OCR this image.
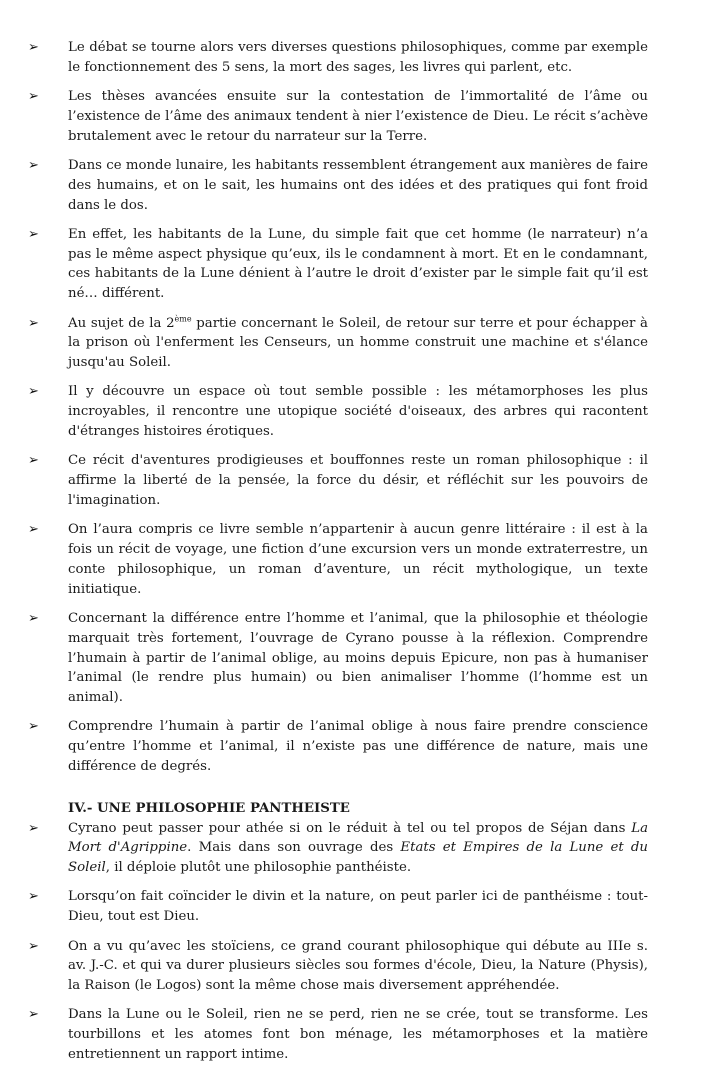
➢ Le débat se tourne alors vers diverses questions philosophiques, comme par exemple le fonctionnement des 5 sens, la mort des sages, les livres qui parlent, etc.
➢ Les thèses avancées ensuite sur la contestation de l’immortalité de l’âme ou l’existence de l’âme des animaux tendent à nier l’existence de Dieu. Le récit s’achève brutalement avec le retour du narrateur sur la Terre.
➢ Dans ce monde lunaire, les habitants ressemblent étrangement aux manières de faire des humains, et on le sait, les humains ont des idées et des pratiques qui font froid dans le dos.
➢ En effet, les habitants de la Lune, du simple fait que cet homme (le narrateur) n’a pas le même aspect physique qu’eux, ils le condamnent à mort. Et en le condamnant, ces habitants de la Lune dénient à l’autre le droit d’exister par le simple fait qu’il est né… différent.
➢ Au sujet de la 2ème partie concernant le Soleil, de retour sur terre et pour échapper à la prison où l'enferment les Censeurs, un homme construit une machine et s'élance jusqu'au Soleil.
➢ Il y découvre un espace où tout semble possible : les métamorphoses les plus incroyables, il rencontre une utopique société d'oiseaux, des arbres qui racontent d'étranges histoires érotiques.
➢ Ce récit d'aventures prodigieuses et bouffonnes reste un roman philosophique : il affirme la liberté de la pensée, la force du désir, et réfléchit sur les pouvoirs de l'imagination.
➢ On l’aura compris ce livre semble n’appartenir à aucun genre littéraire : il est à la fois un récit de voyage, une fiction d’une excursion vers un monde extraterrestre, un conte philosophique, un roman d’aventure, un récit mythologique, un texte initiatique.
➢ Concernant la différence entre l’homme et l’animal, que la philosophie et théologie marquait très fortement, l’ouvrage de Cyrano pousse à la réflexion. Comprendre l’humain à partir de l’animal oblige, au moins depuis Epicure, non pas à humaniser l’animal (le rendre plus humain) ou bien animaliser l’homme (l’homme est un animal).
➢ Comprendre l’humain à partir de l’animal oblige à nous faire prendre conscience qu’entre l’homme et l’animal, il n’existe pas une différence de nature, mais une différence de degrés.
IV.- UNE PHILOSOPHIE PANTHEISTE
➢ Cyrano peut passer pour athée si on le réduit à tel ou tel propos de Séjan dans La Mort d'Agrippine. Mais dans son ouvrage des Etats et Empires de la Lune et du Soleil, il déploie plutôt une philosophie panthéiste.
➢ Lorsqu’on fait coïncider le divin et la nature, on peut parler ici de panthéisme : tout-Dieu, tout est Dieu.
➢ On a vu qu’avec les stoïciens, ce grand courant philosophique qui débute au IIIe s. av. J.-C. et qui va durer plusieurs siècles sou formes d'école, Dieu, la Nature (Physis), la Raison (le Logos) sont la même chose mais diversement appréhendée.
➢ Dans la Lune ou le Soleil, rien ne se perd, rien ne se crée, tout se transforme. Les tourbillons et les atomes font bon ménage, les métamorphoses et la matière entretiennent un rapport intime.
